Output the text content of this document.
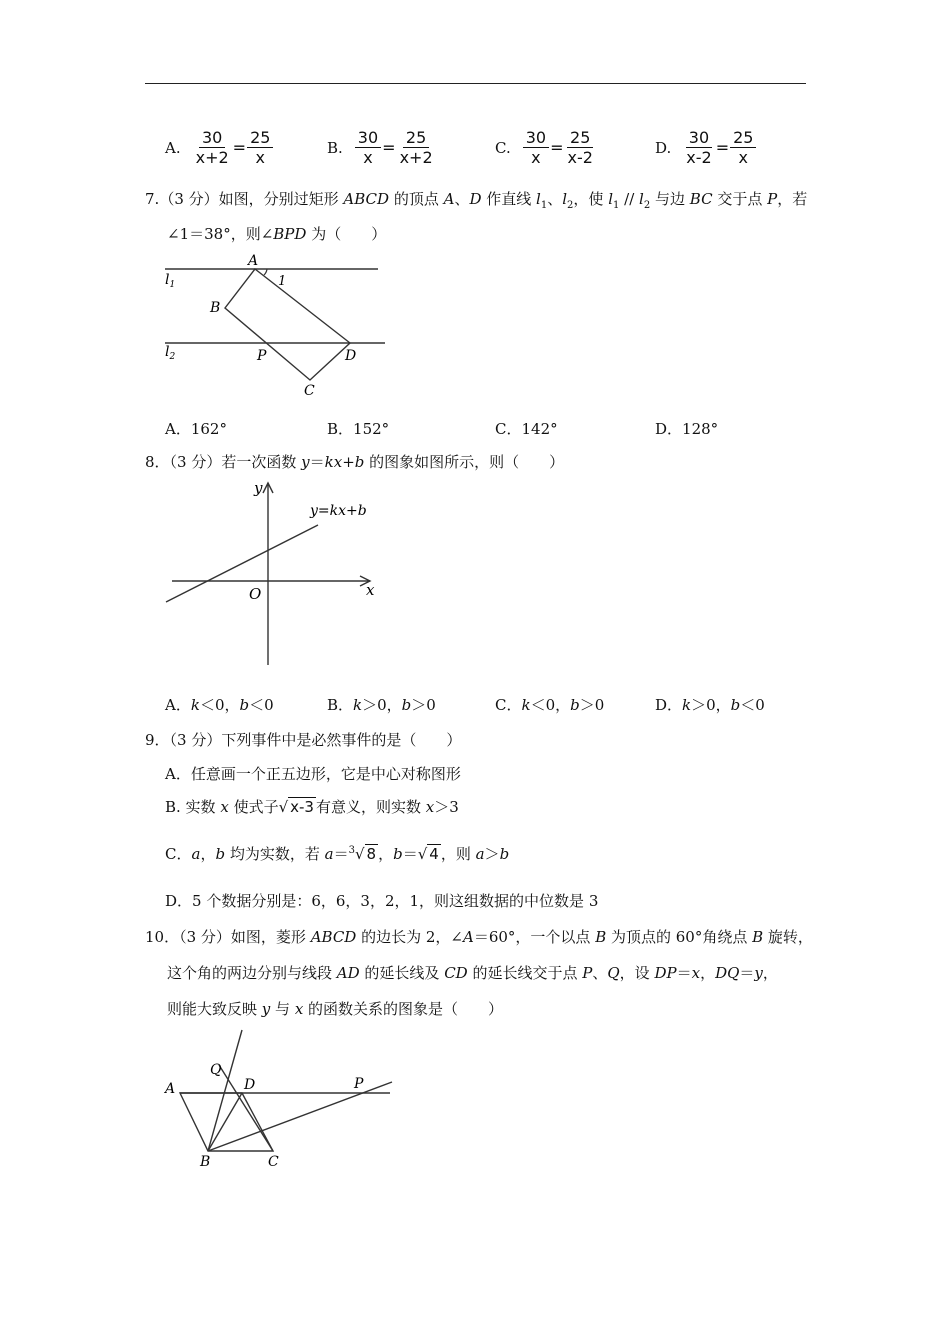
A. $\frac{30}{x+2} = \frac{25}{x}$	B. $\frac{30}{x} = \frac{25}{x+2}$	C. $\frac{30}{x} = \frac{25}{x-2}$	D. $\frac{30}{x-2} = \frac{25}{x}$
7.（3 分）如图，分别过矩形 ABCD 的顶点 A、D 作直线 $l_1$、$l_2$，使 $l_1 // l_2$ 与边 BC 交于点 P，若
∠1＝38°，则∠BPD 为（　　）
$l_1$
$l_2$
A
1
B
P	D
C
A．162°	B．152°	C．142°	D．128°
8．（3 分）若一次函数 y＝kx+b 的图象如图所示，则（　　）
y
x
O
y=kx+b
A．k＜0，b＜0	B．k＞0，b＞0	C．k＜0，b＞0	D．k＞0，b＜0
9．（3 分）下列事件中是必然事件的是（　　）
A．任意画一个正五边形，它是中心对称图形
B. 实数 x 使式子√ x-3 有意义，则实数 x＞3
C．a，b 均为实数，若 a＝$^3$√ 8 ，b＝√ 4 ，则 a＞b
D．5 个数据分别是：6，6，3，2，1，则这组数据的中位数是 3
10．（3 分）如图，菱形 ABCD 的边长为 2，∠A＝60°，一个以点 B 为顶点的 60°角绕点 B 旋转，
这个角的两边分别与线段 AD 的延长线及 CD 的延长线交于点 P、Q，设 DP＝x，DQ＝y，
则能大致反映 y 与 x 的函数关系的图象是（　　）
A
Q
D	P
B	C
